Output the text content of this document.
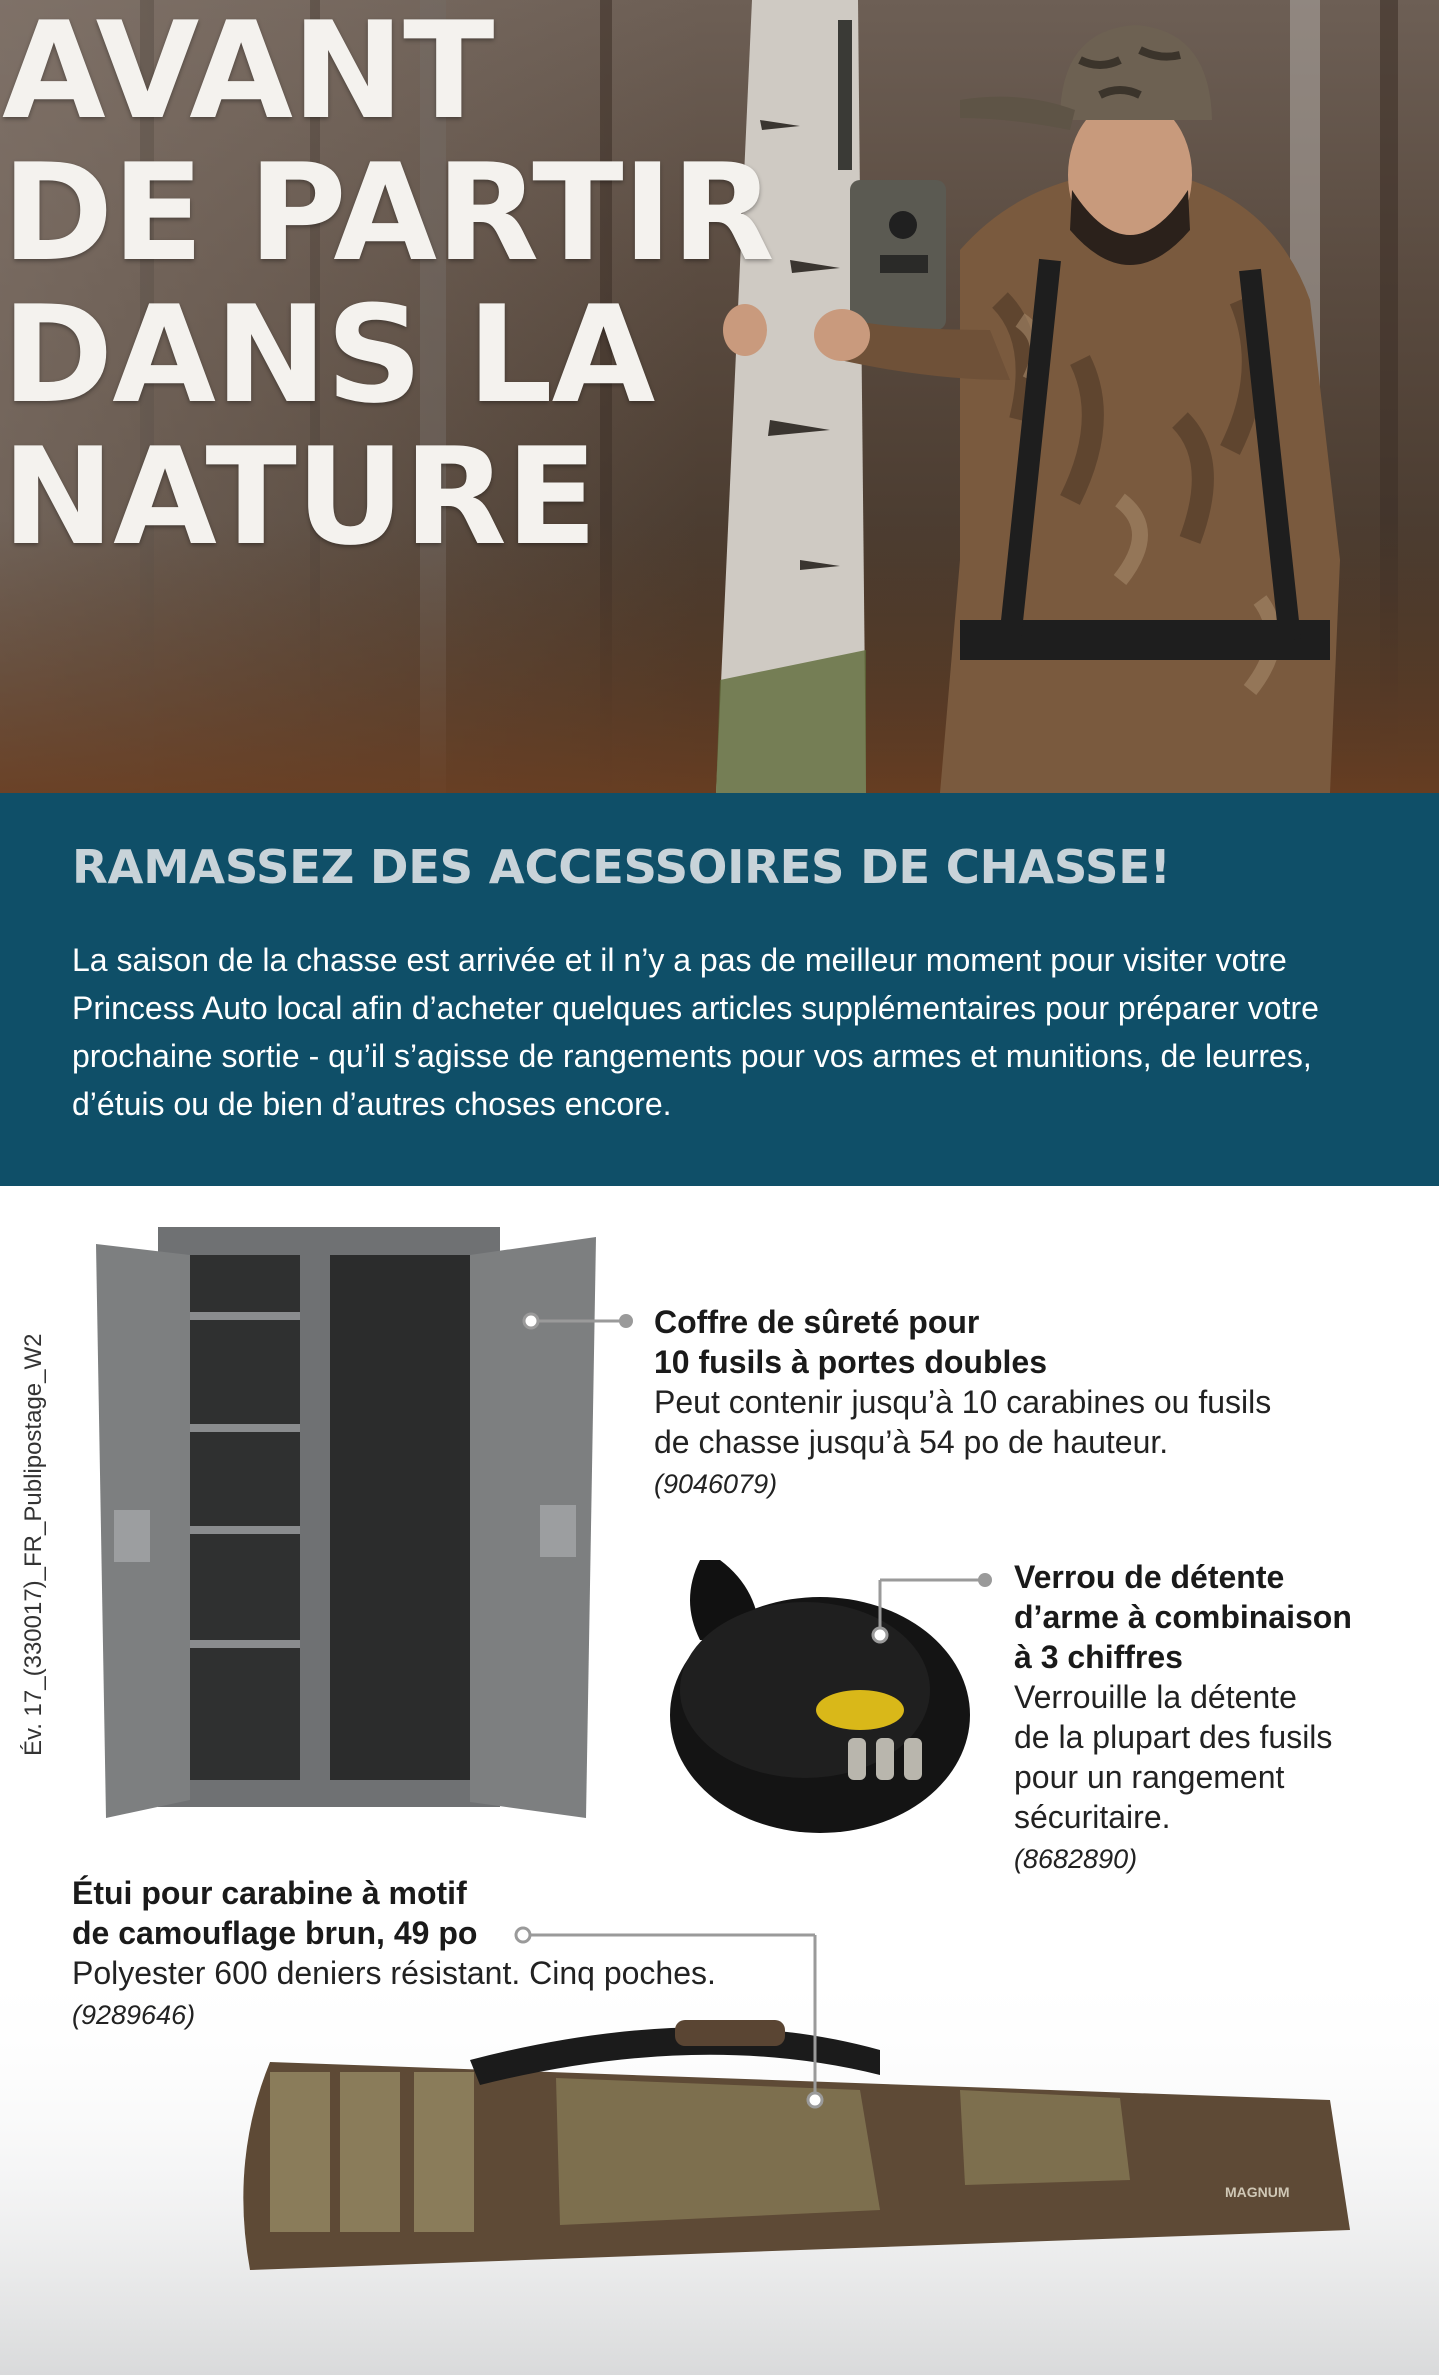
AVANT
DE PARTIR
DANS LA
NATURE
RAMASSEZ DES ACCESSOIRES DE CHASSE!

La saison de la chasse est arrivée et il n’y a pas de meilleur moment pour visiter votre Princess Auto local afin d’acheter quelques articles supplémentaires pour préparer votre prochaine sortie - qu’il s’agisse de rangements pour vos armes et munitions, de leurres, d’étuis ou de bien d’autres choses encore.

Év. 17_(330017)_FR_Publipostage_W2
MAGNUM

Coffre de sûreté pour
10 fusils à portes doubles

Peut contenir jusqu’à 10 carabines ou fusils
de chasse jusqu’à 54 po de hauteur.

(9046079)

Verrou de détente
d’arme à combinaison
à 3 chiffres

Verrouille la détente
de la plupart des fusils
pour un rangement
sécuritaire.

(8682890)

Étui pour carabine à motif
de camouflage brun, 49 po

Polyester 600 deniers résistant. Cinq poches.

(9289646)
